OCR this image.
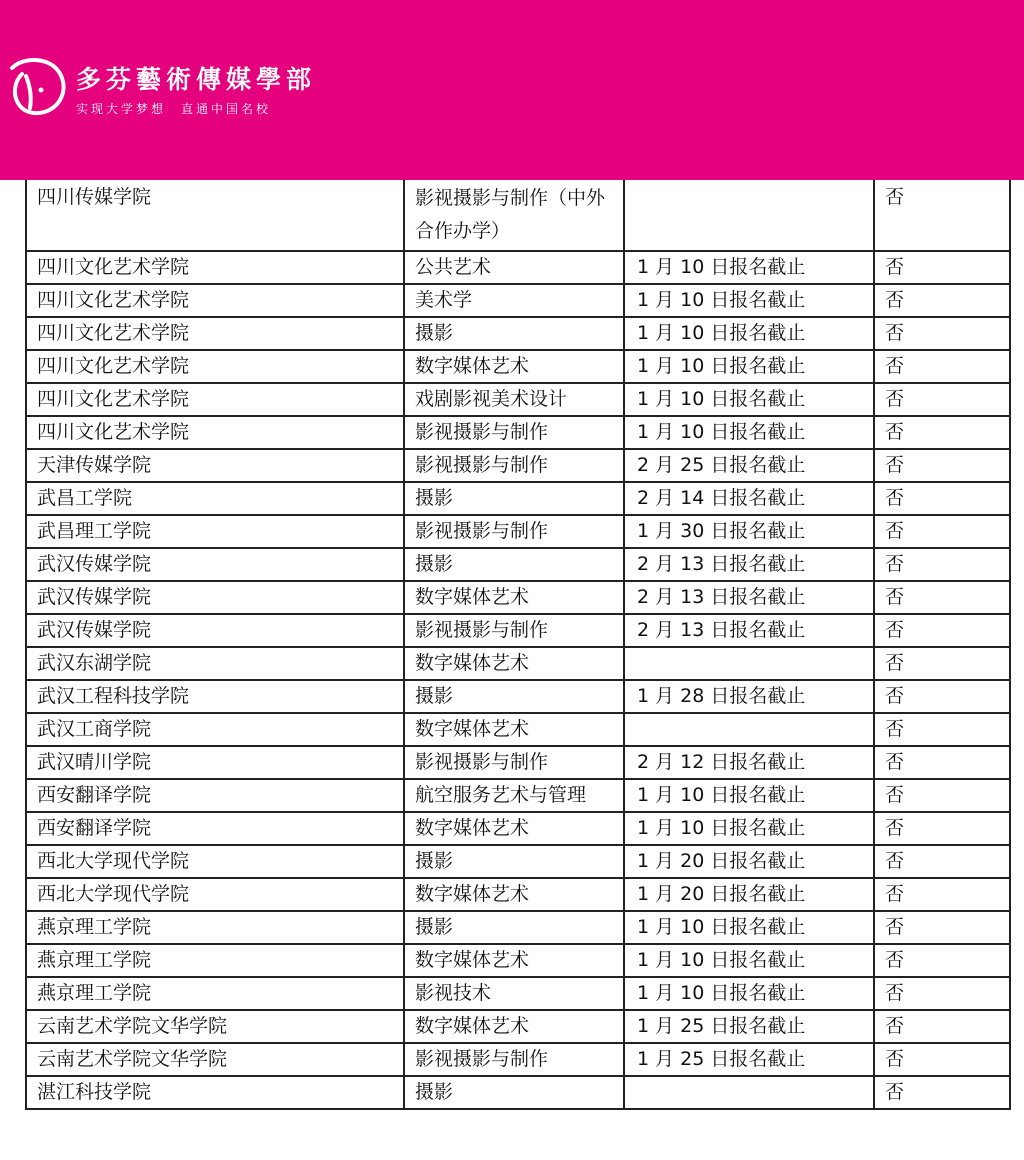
多芬藝術傳媒學部
实现大学梦想　直通中国名校
四川传媒学院	影视摄影与制作（中外 合作办学）		否
四川文化艺术学院	公共艺术	1 月 10 日报名截止	否
四川文化艺术学院	美术学	1 月 10 日报名截止	否
四川文化艺术学院	摄影	1 月 10 日报名截止	否
四川文化艺术学院	数字媒体艺术	1 月 10 日报名截止	否
四川文化艺术学院	戏剧影视美术设计	1 月 10 日报名截止	否
四川文化艺术学院	影视摄影与制作	1 月 10 日报名截止	否
天津传媒学院	影视摄影与制作	2 月 25 日报名截止	否
武昌工学院	摄影	2 月 14 日报名截止	否
武昌理工学院	影视摄影与制作	1 月 30 日报名截止	否
武汉传媒学院	摄影	2 月 13 日报名截止	否
武汉传媒学院	数字媒体艺术	2 月 13 日报名截止	否
武汉传媒学院	影视摄影与制作	2 月 13 日报名截止	否
武汉东湖学院	数字媒体艺术		否
武汉工程科技学院	摄影	1 月 28 日报名截止	否
武汉工商学院	数字媒体艺术		否
武汉晴川学院	影视摄影与制作	2 月 12 日报名截止	否
西安翻译学院	航空服务艺术与管理	1 月 10 日报名截止	否
西安翻译学院	数字媒体艺术	1 月 10 日报名截止	否
西北大学现代学院	摄影	1 月 20 日报名截止	否
西北大学现代学院	数字媒体艺术	1 月 20 日报名截止	否
燕京理工学院	摄影	1 月 10 日报名截止	否
燕京理工学院	数字媒体艺术	1 月 10 日报名截止	否
燕京理工学院	影视技术	1 月 10 日报名截止	否
云南艺术学院文华学院	数字媒体艺术	1 月 25 日报名截止	否
云南艺术学院文华学院	影视摄影与制作	1 月 25 日报名截止	否
湛江科技学院	摄影		否
